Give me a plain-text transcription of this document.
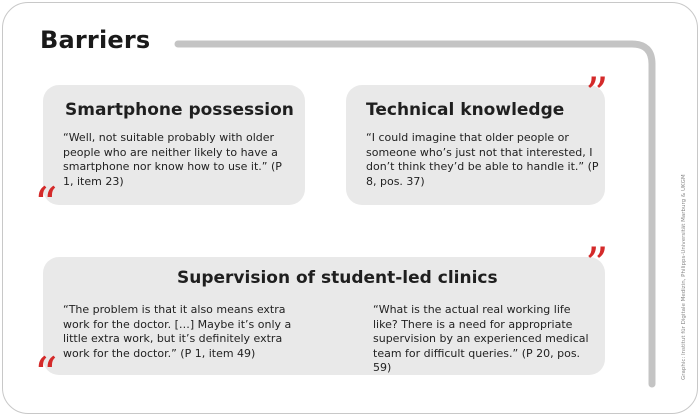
Barriers
Smartphone possession
“Well, not suitable probably with older people who are neither likely to have a smartphone nor know how to use it.” (P 1, item 23)
“
Technical knowledge
“I could imagine that older people or someone who’s just not that interested, I don’t think they’d be able to handle it.” (P 8, pos. 37)
”
Supervision of student-led clinics
“The problem is that it also means extra work for the doctor. […] Maybe it’s only a little extra work, but it’s definitely extra work for the doctor.” (P 1, item 49)
“What is the actual real working life like? There is a need for appropriate supervision by an experienced medical team for difficult queries.” (P 20, pos. 59)
”
“	Graphic: Institut für Digitale Medizin, Philipps-Universität Marburg & UKGM
